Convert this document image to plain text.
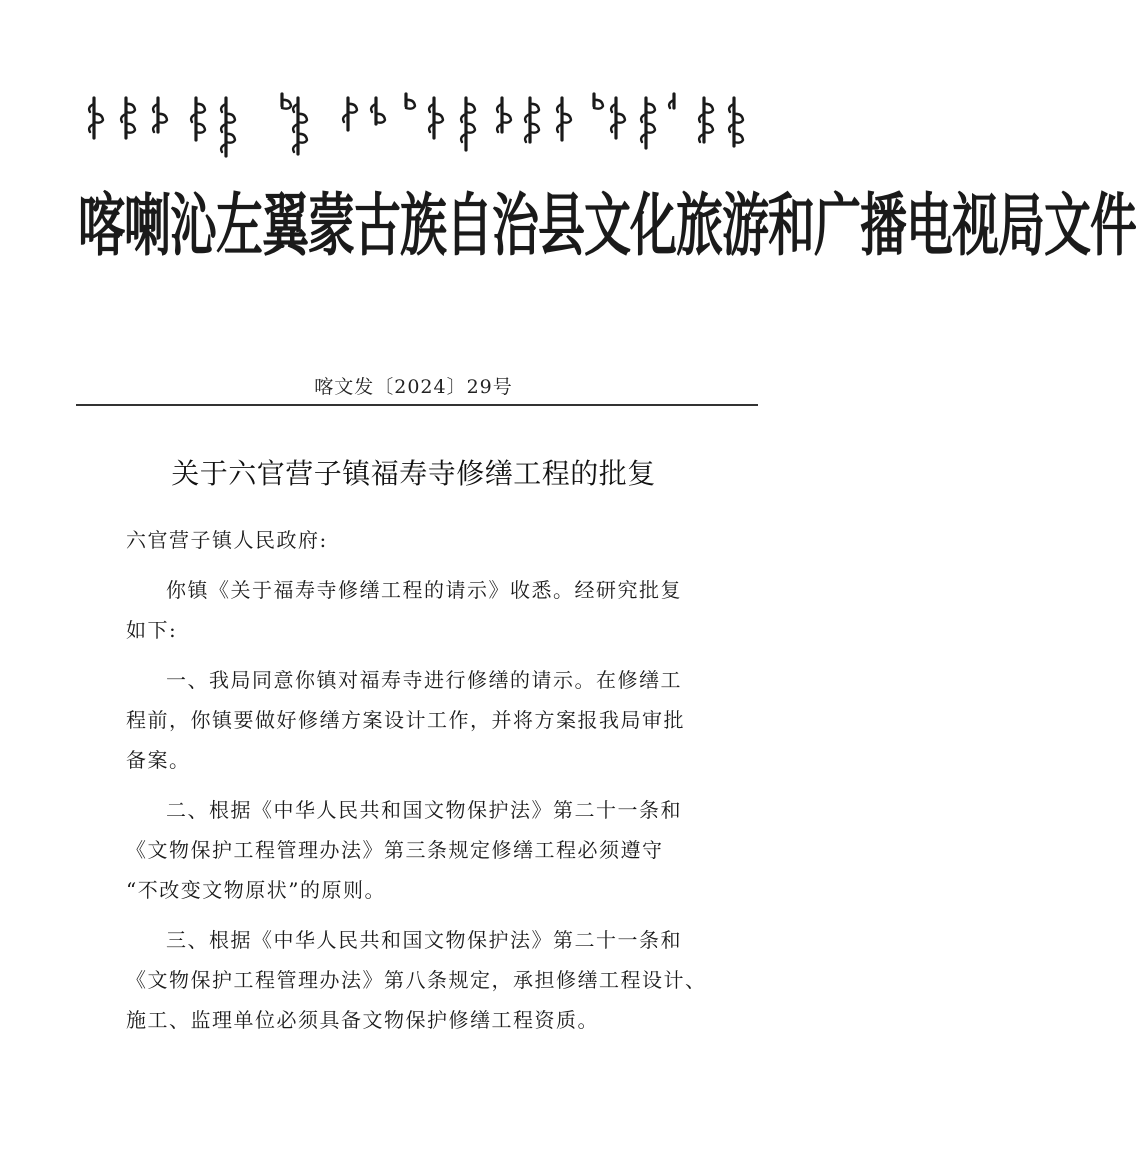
喀喇沁左翼蒙古族自治县文化旅游和广播电视局文件
喀文发〔2024〕29号
关于六官营子镇福寿寺修缮工程的批复

六官营子镇人民政府:

你镇《关于福寿寺修缮工程的请示》收悉。经研究批复
如下:

一、我局同意你镇对福寿寺进行修缮的请示。在修缮工
程前，你镇要做好修缮方案设计工作，并将方案报我局审批
备案。

二、根据《中华人民共和国文物保护法》第二十一条和
《文物保护工程管理办法》第三条规定修缮工程必须遵守
“不改变文物原状”的原则。

三、根据《中华人民共和国文物保护法》第二十一条和
《文物保护工程管理办法》第八条规定，承担修缮工程设计、
施工、监理单位必须具备文物保护修缮工程资质。
